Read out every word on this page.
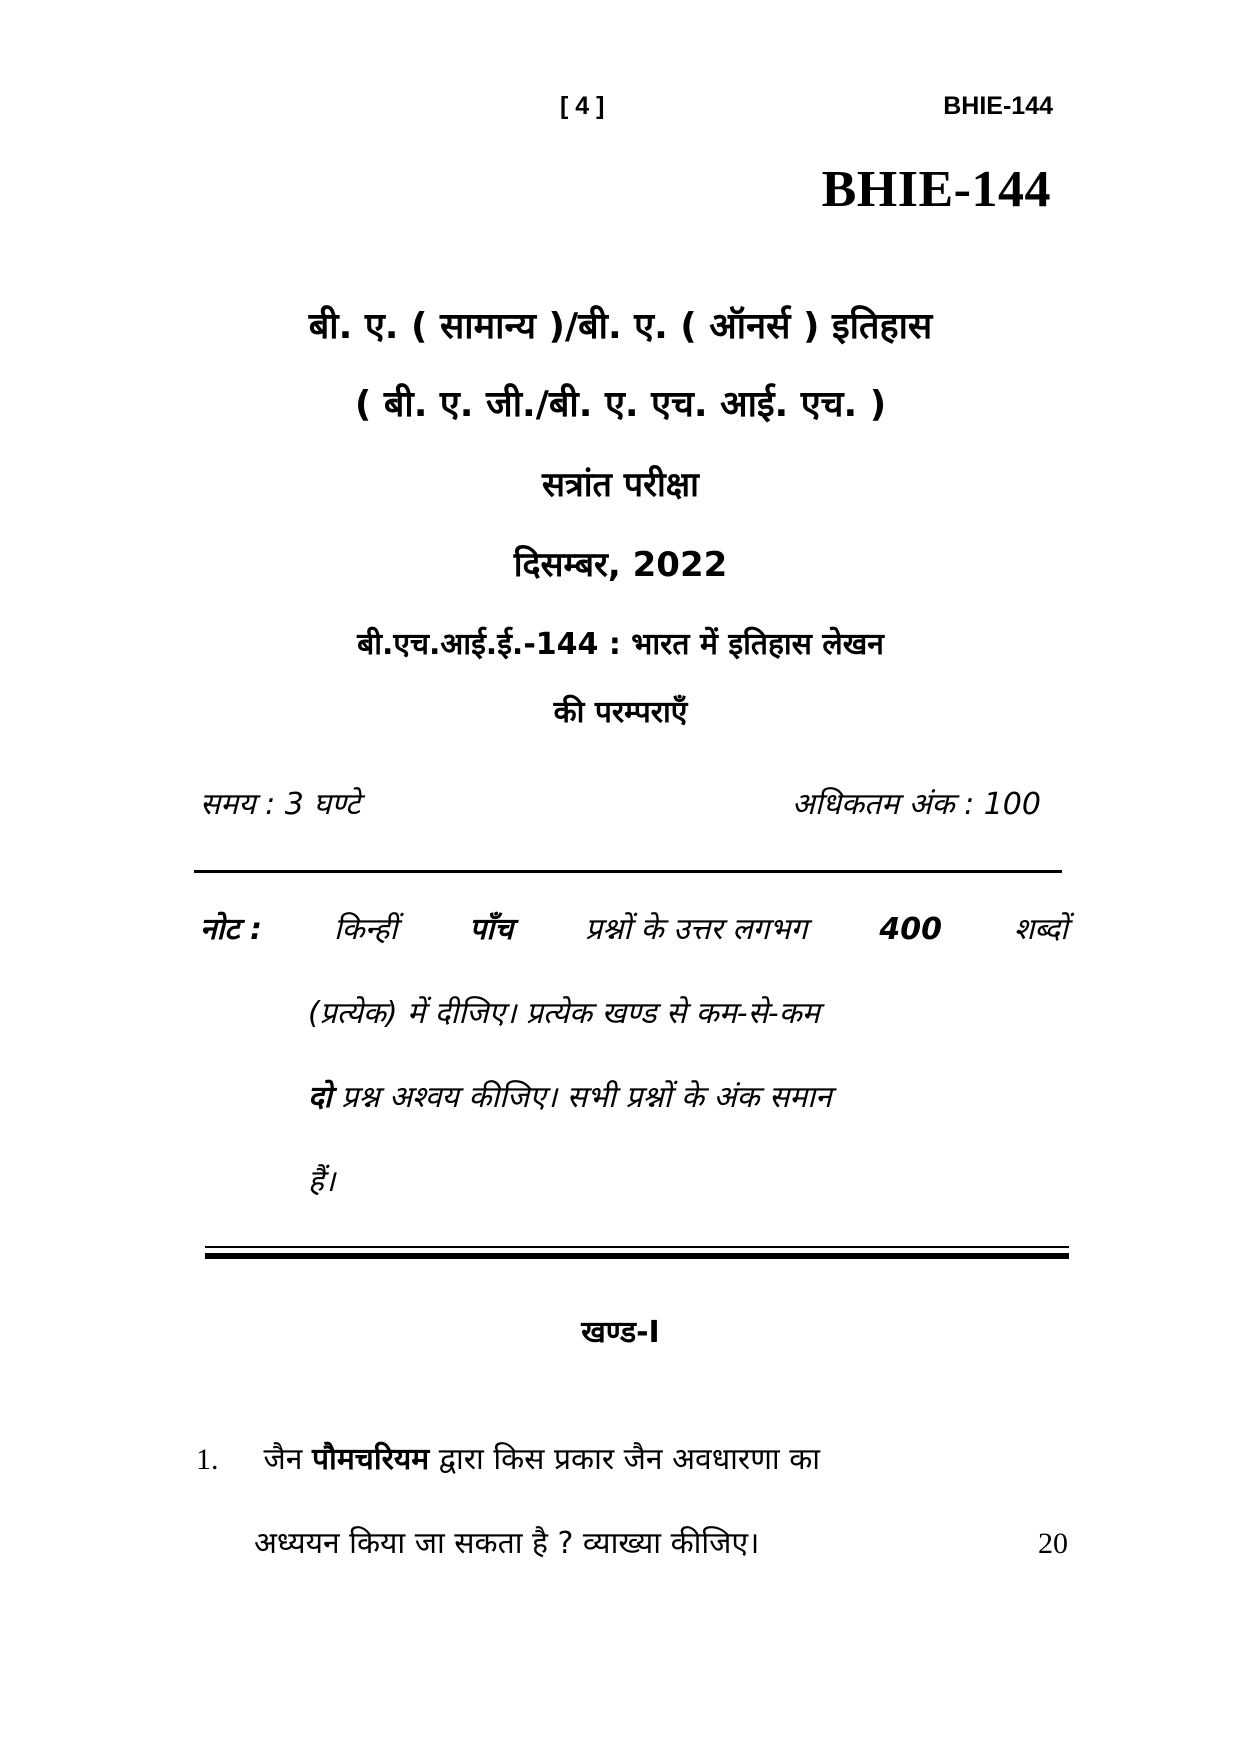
[ 4 ]	BHIE-144
BHIE-144
बी. ए. ( सामान्य )/बी. ए. ( ऑनर्स ) इतिहास
( बी. ए. जी./बी. ए. एच. आई. एच. )
सत्रांत परीक्षा
दिसम्बर, 2022
बी.एच.आई.ई.-144 : भारत में इतिहास लेखन
की परम्पराएँ
समय : 3 घण्टे	अधिकतम अंक : 100
नोट : किन्हीं पाँच प्रश्नों के उत्तर लगभग 400 शब्दों
(प्रत्येक) में दीजिए। प्रत्येक खण्ड से कम-से-कम
दो प्रश्न अश्वय कीजिए। सभी प्रश्नों के अंक समान
हैं।
खण्ड-I
1. जैन पौमचरियम द्वारा किस प्रकार जैन अवधारणा का
अध्ययन किया जा सकता है ? व्याख्या कीजिए।	20
